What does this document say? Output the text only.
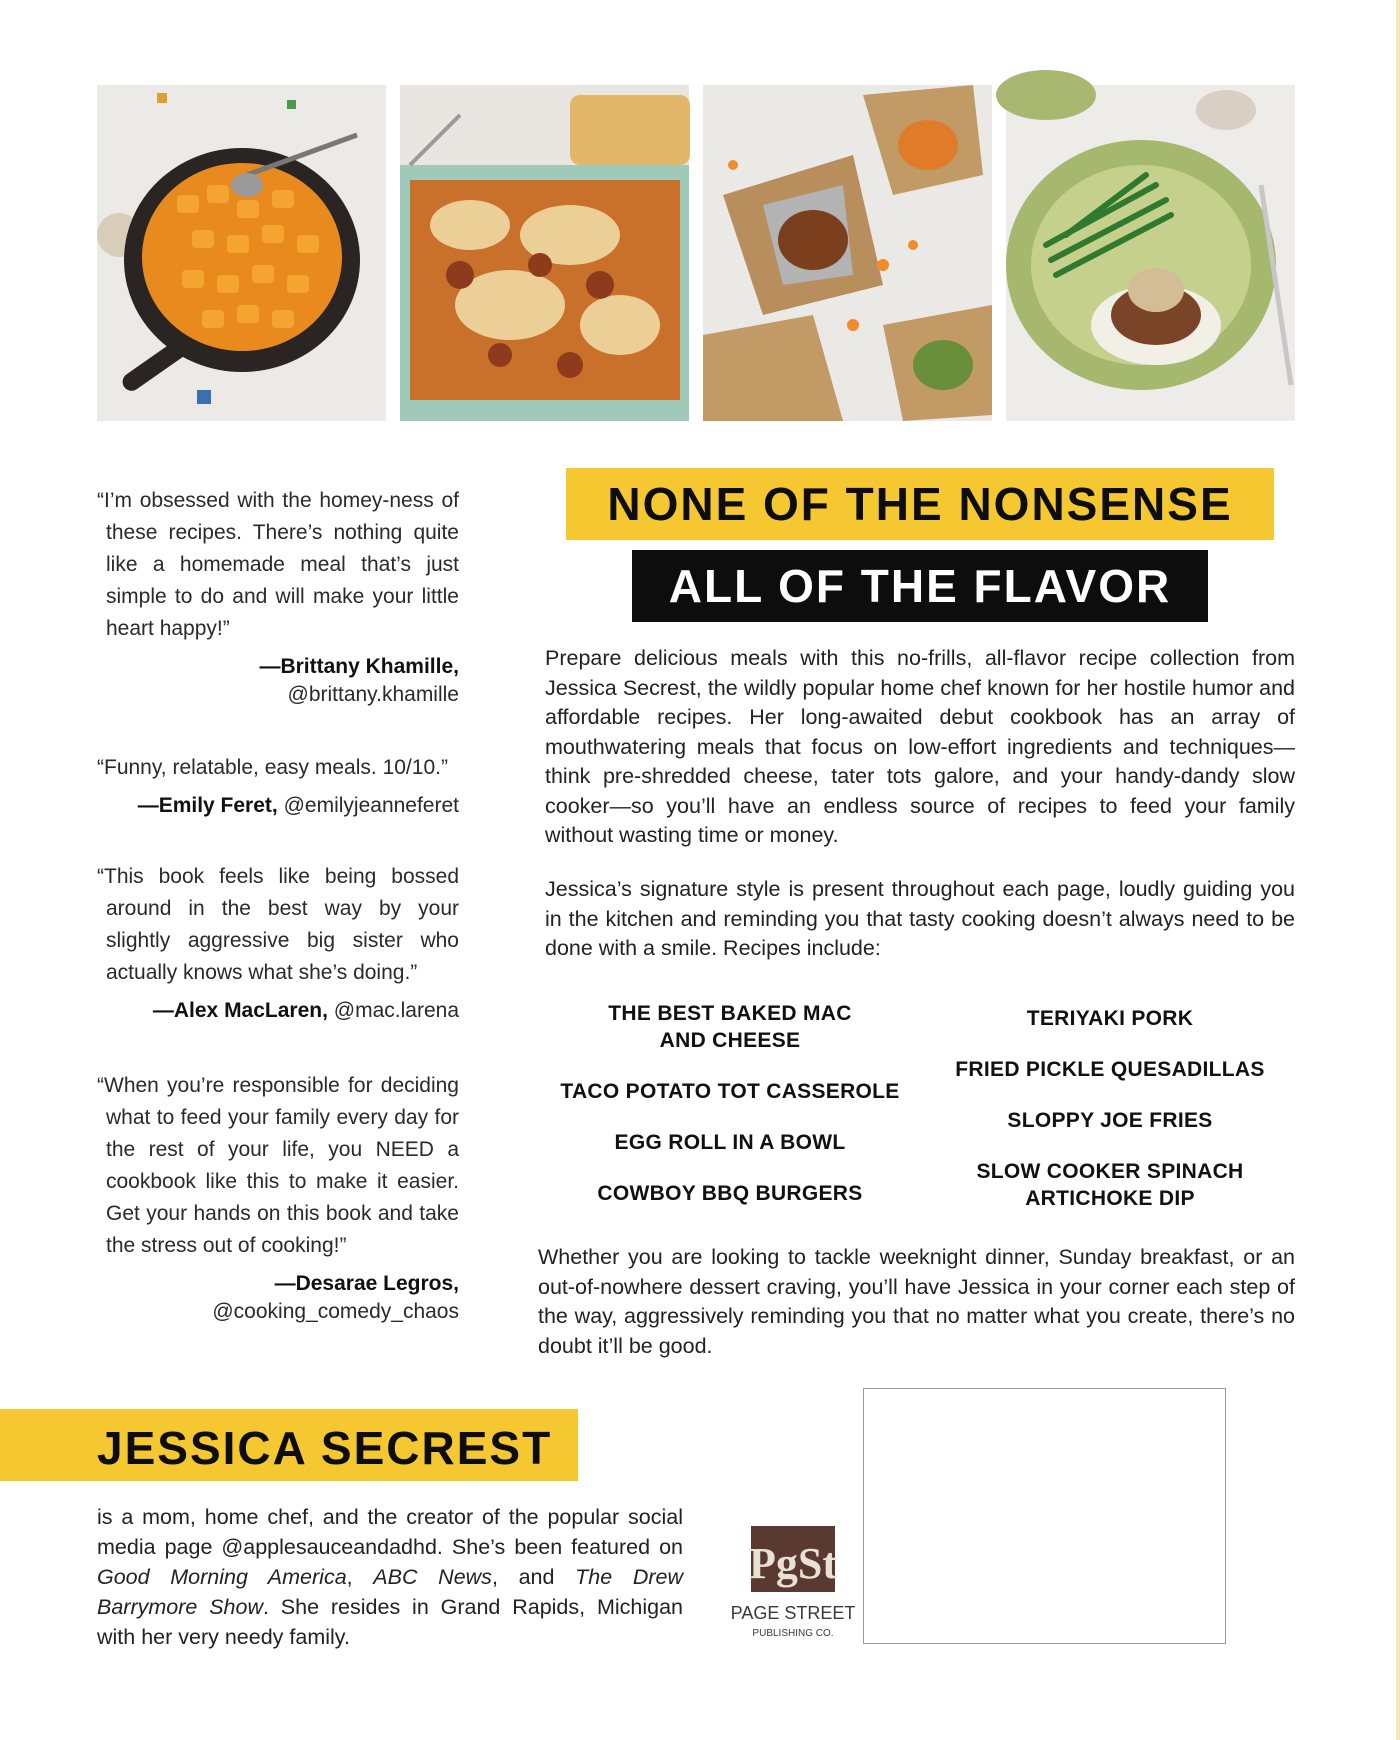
“I’m obsessed with the homey-ness of these recipes. There’s nothing quite like a homemade meal that’s just simple to do and will make your little heart happy!”
—Brittany Khamille,
@brittany.khamille
“Funny, relatable, easy meals. 10/10.”
—Emily Feret, @emilyjeanneferet
“This book feels like being bossed around in the best way by your slightly aggressive big sister who actually knows what she’s doing.”
—Alex MacLaren, @mac.larena
“When you’re responsible for deciding what to feed your family every day for the rest of your life, you NEED a cookbook like this to make it easier. Get your hands on this book and take the stress out of cooking!”
—Desarae Legros,
@cooking_comedy_chaos
NONE OF THE NONSENSE
ALL OF THE FLAVOR
Prepare delicious meals with this no-frills, all-flavor recipe collection from Jessica Secrest, the wildly popular home chef known for her hostile humor and affordable recipes. Her long-awaited debut cookbook has an array of mouthwatering meals that focus on low-effort ingredients and techniques—think pre-shredded cheese, tater tots galore, and your handy-dandy slow cooker—so you’ll have an endless source of recipes to feed your family without wasting time or money.
Jessica’s signature style is present throughout each page, loudly guiding you in the kitchen and reminding you that tasty cooking doesn’t always need to be done with a smile. Recipes include:
THE BEST BAKED MAC AND CHEESE
TACO POTATO TOT CASSEROLE
EGG ROLL IN A BOWL
COWBOY BBQ BURGERS
TERIYAKI PORK
FRIED PICKLE QUESADILLAS
SLOPPY JOE FRIES
SLOW COOKER SPINACH ARTICHOKE DIP
Whether you are looking to tackle weeknight dinner, Sunday breakfast, or an out-of-nowhere dessert craving, you’ll have Jessica in your corner each step of the way, aggressively reminding you that no matter what you create, there’s no doubt it’ll be good.
JESSICA SECREST
is a mom, home chef, and the creator of the popular social media page @applesauceandadhd. She’s been featured on Good Morning America, ABC News, and The Drew Barrymore Show. She resides in Grand Rapids, Michigan with her very needy family.
PgSt
PAGE STREET
PUBLISHING CO.
